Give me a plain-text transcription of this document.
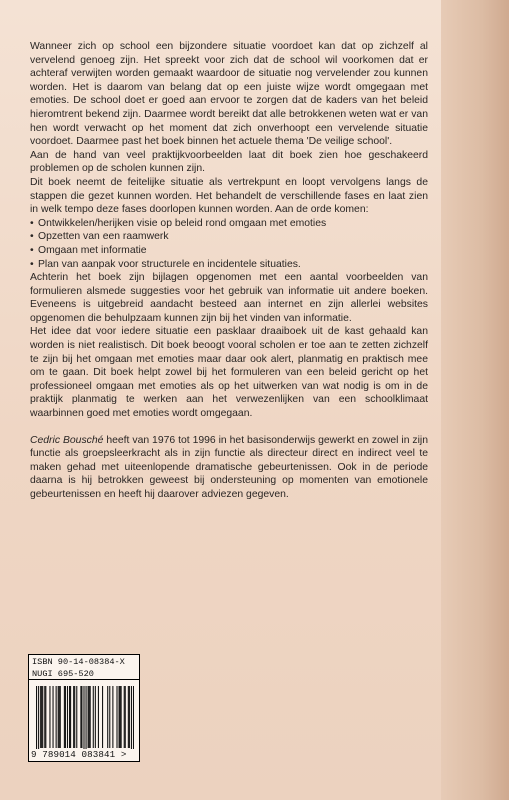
Wanneer zich op school een bijzondere situatie voordoet kan dat op zichzelf al vervelend genoeg zijn. Het spreekt voor zich dat de school wil voorkomen dat er achteraf verwijten worden gemaakt waardoor de situatie nog vervelender zou kunnen worden. Het is daarom van belang dat op een juiste wijze wordt omgegaan met emoties. De school doet er goed aan ervoor te zorgen dat de kaders van het beleid hieromtrent bekend zijn. Daarmee wordt bereikt dat alle betrokkenen weten wat er van hen wordt verwacht op het moment dat zich onverhoopt een vervelende situatie voordoet. Daarmee past het boek binnen het actuele thema 'De veilige school'.

Aan de hand van veel praktijkvoorbeelden laat dit boek zien hoe geschakeerd problemen op de scholen kunnen zijn.

Dit boek neemt de feitelijke situatie als vertrekpunt en loopt vervolgens langs de stappen die gezet kunnen worden. Het behandelt de verschillende fases en laat zien in welk tempo deze fases doorlopen kunnen worden. Aan de orde komen:

• Ontwikkelen/herijken visie op beleid rond omgaan met emoties
• Opzetten van een raamwerk
• Omgaan met informatie
• Plan van aanpak voor structurele en incidentele situaties.

Achterin het boek zijn bijlagen opgenomen met een aantal voorbeelden van formulieren alsmede suggesties voor het gebruik van informatie uit andere boeken. Eveneens is uitgebreid aandacht besteed aan internet en zijn allerlei websites opgenomen die behulpzaam kunnen zijn bij het vinden van informatie.

Het idee dat voor iedere situatie een pasklaar draaiboek uit de kast gehaald kan worden is niet realistisch. Dit boek beoogt vooral scholen er toe aan te zetten zichzelf te zijn bij het omgaan met emoties maar daar ook alert, planmatig en praktisch mee om te gaan. Dit boek helpt zowel bij het formuleren van een beleid gericht op het professioneel omgaan met emoties als op het uitwerken van wat nodig is om in de praktijk planmatig te werken aan het verwezenlijken van een schoolklimaat waarbinnen goed met emoties wordt omgegaan.

Cedric Bousché heeft van 1976 tot 1996 in het basisonderwijs gewerkt en zowel in zijn functie als groepsleerkracht als in zijn functie als directeur direct en indirect veel te maken gehad met uiteenlopende dramatische gebeurtenissen. Ook in de periode daarna is hij betrokken geweest bij ondersteuning op momenten van emotionele gebeurtenissen en heeft hij daarover adviezen gegeven.

ISBN 90-14-08384-X
NUGI 695-520
9 789014 083841 >
